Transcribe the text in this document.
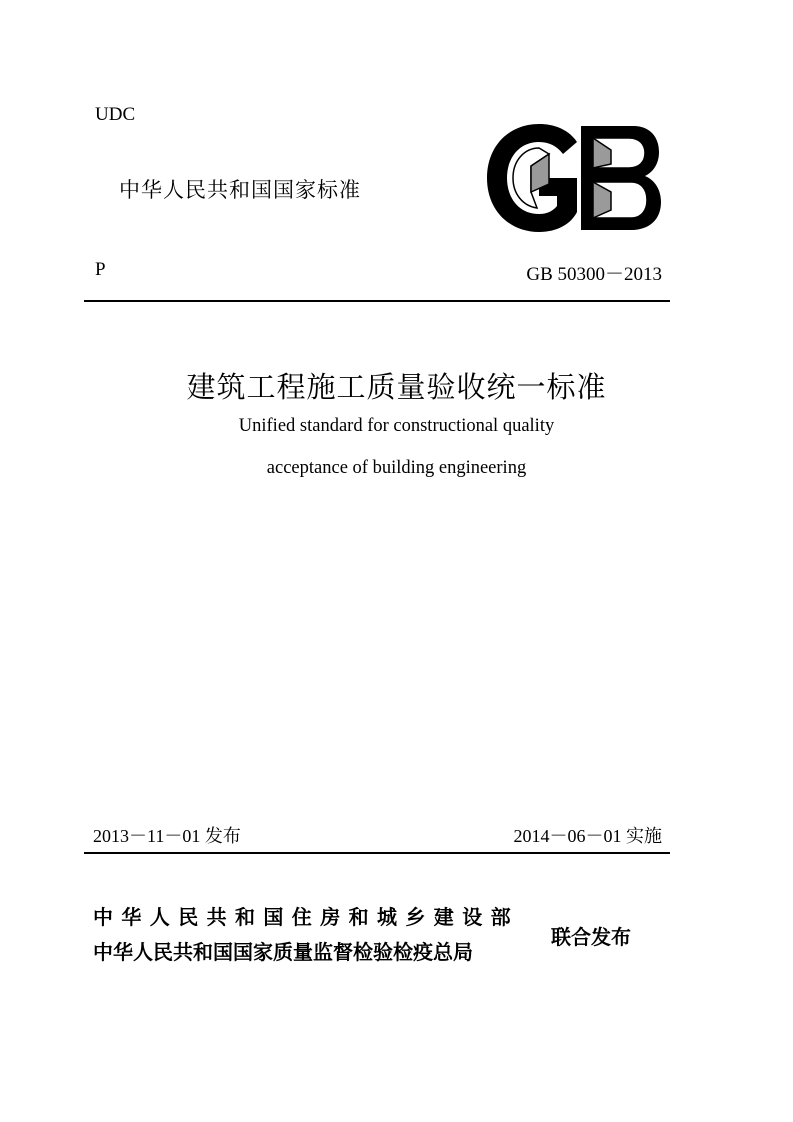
UDC
中华人民共和国国家标准
P	GB 50300－2013
建筑工程施工质量验收统一标准
Unified standard for constructional quality
acceptance of building engineering
2013－11－01 发布	2014－06－01 实施
中华人民共和国住房和城乡建设部
中华人民共和国国家质量监督检验检疫总局
联合发布
